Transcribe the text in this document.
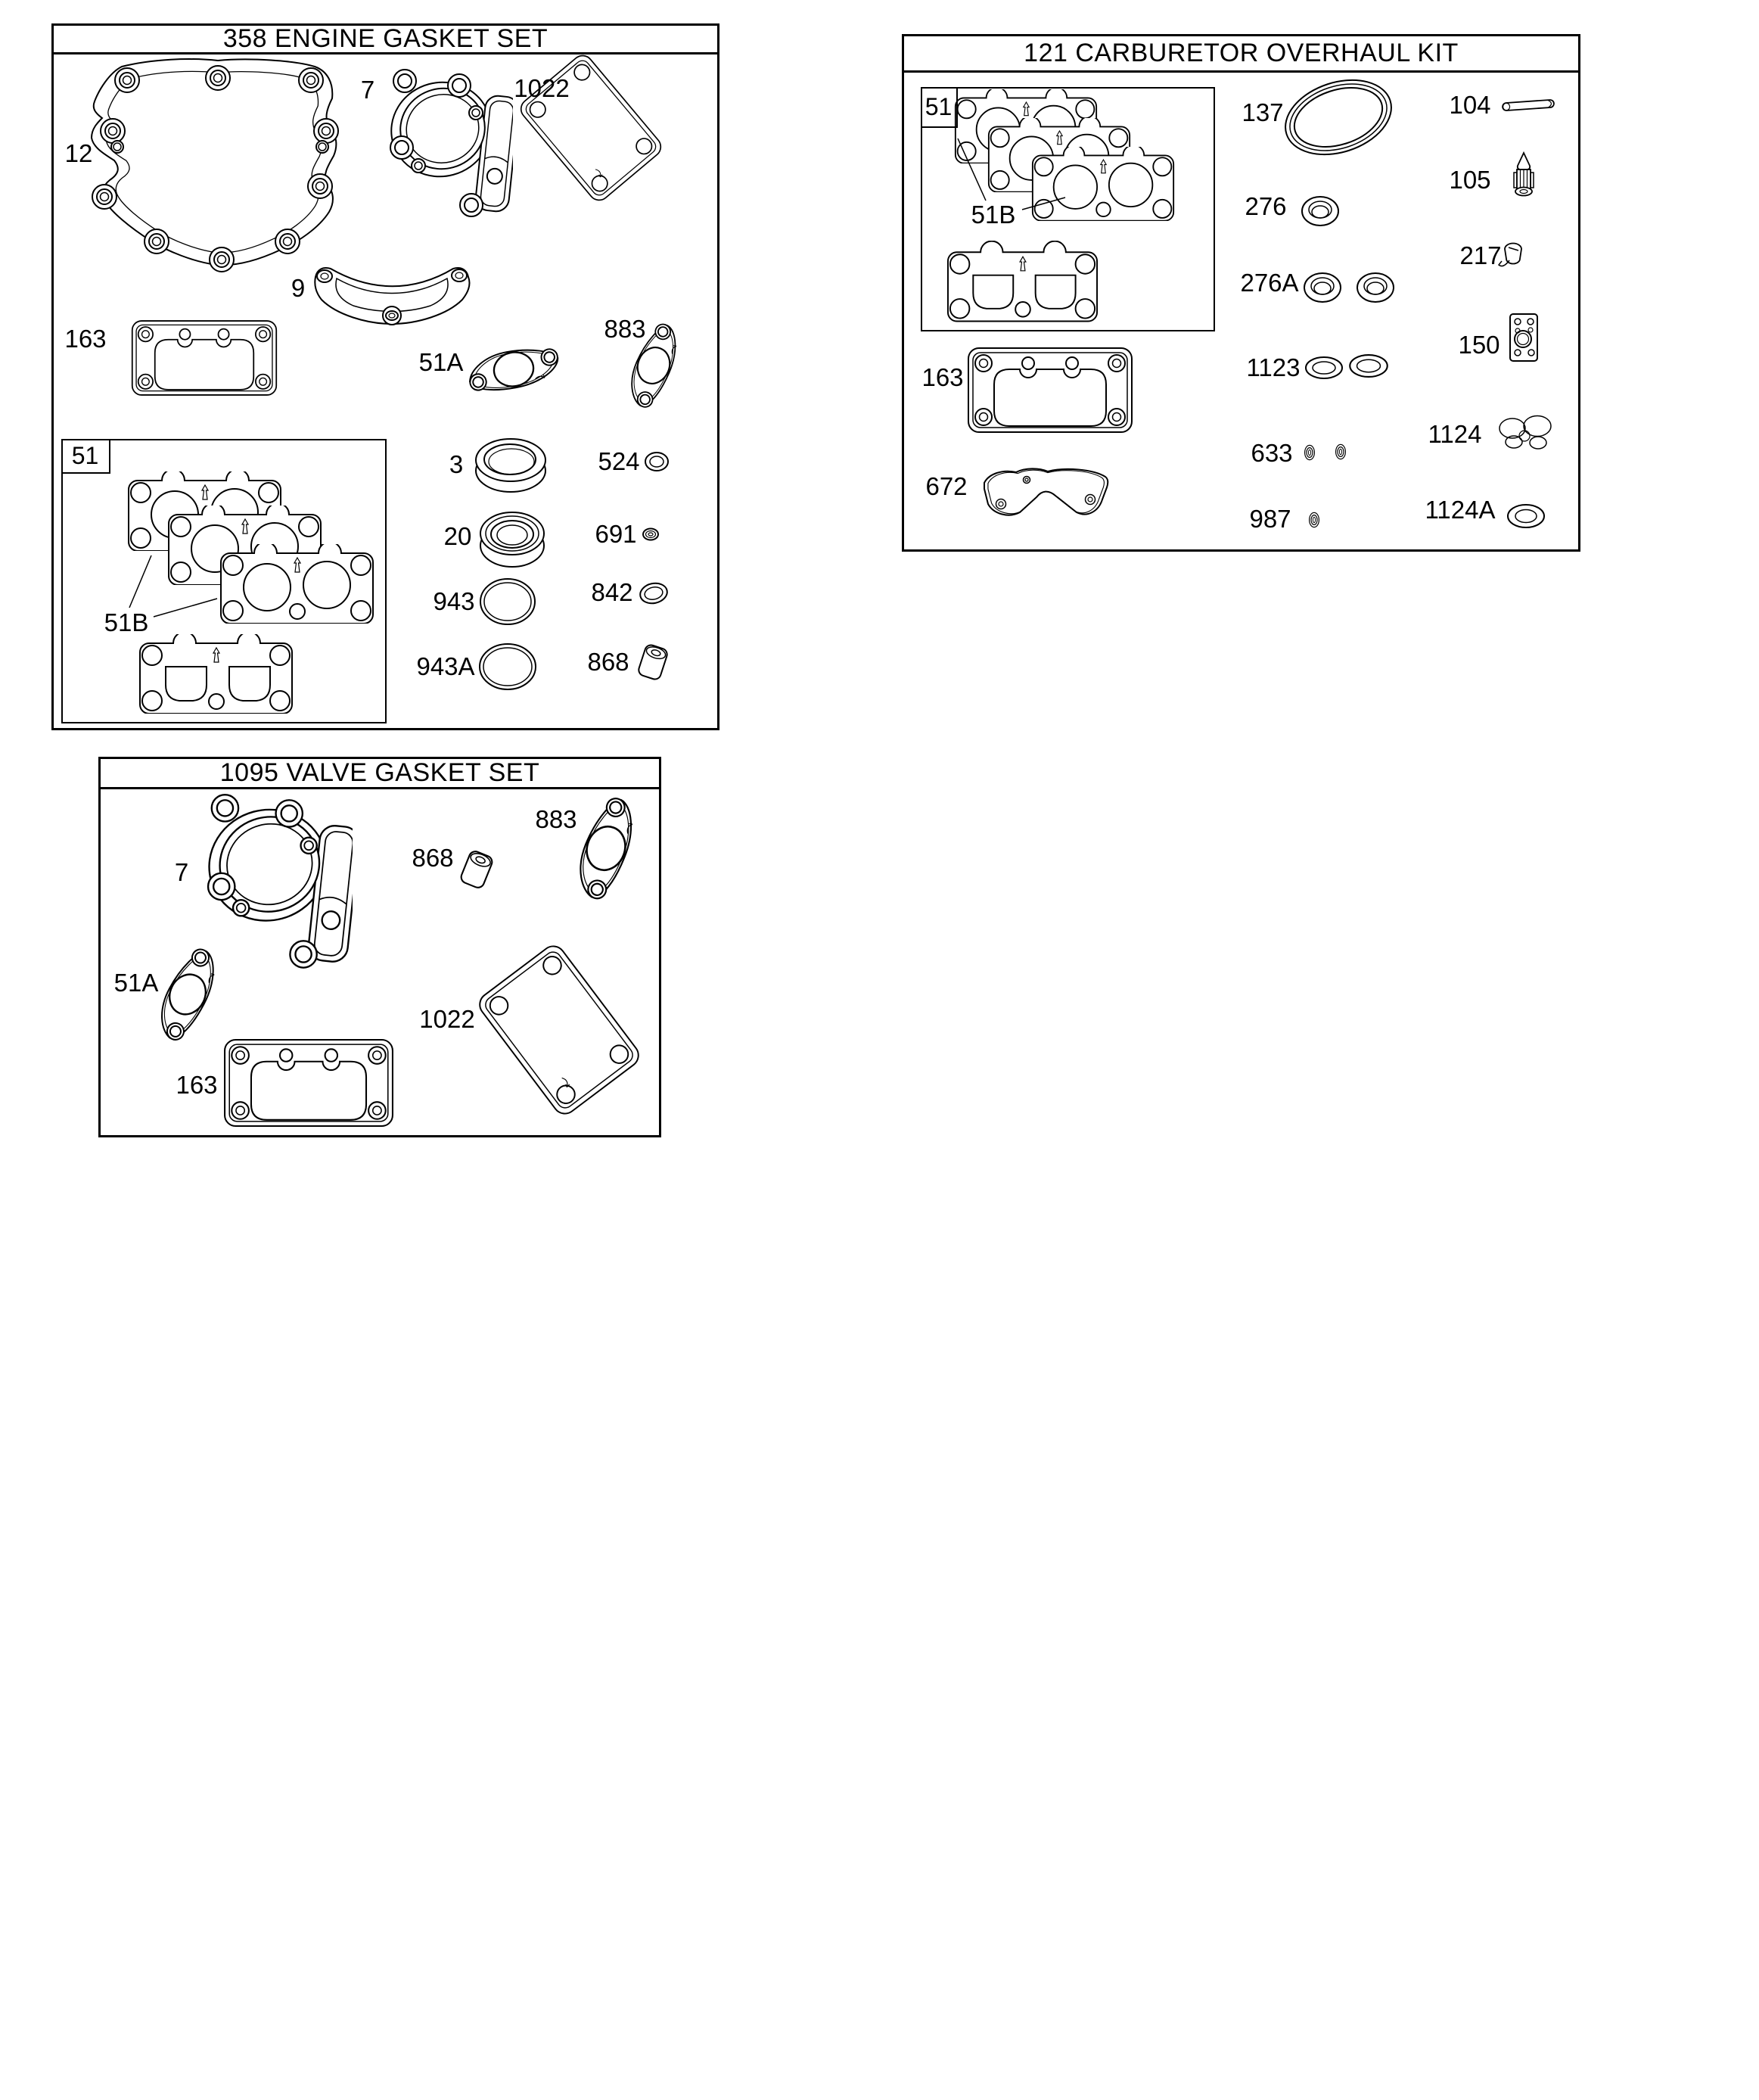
358 ENGINE GASKET SET
51
12
7	1022
9
163
51A
883
51B
3	524
20	691
943	842
943A	868
121 CARBURETOR OVERHAUL KIT
51	137	104
105
276
217
276A
150
51B
1123
163
633
1124
672
987	1124A
1095 VALVE GASKET SET
7
883
868
51A
1022
163
